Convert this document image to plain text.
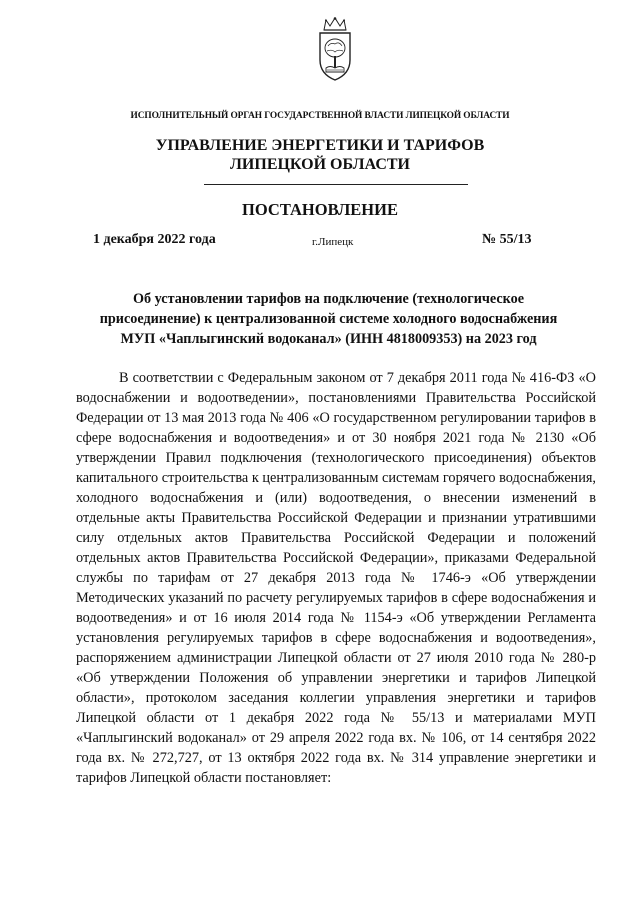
ИСПОЛНИТЕЛЬНЫЙ ОРГАН ГОСУДАРСТВЕННОЙ ВЛАСТИ ЛИПЕЦКОЙ ОБЛАСТИ
УПРАВЛЕНИЕ ЭНЕРГЕТИКИ И ТАРИФОВ
ЛИПЕЦКОЙ ОБЛАСТИ
ПОСТАНОВЛЕНИЕ
1 декабря 2022 года	г.Липецк	№ 55/13
Об установлении тарифов на подключение (технологическое
присоединение) к централизованной системе холодного водоснабжения
МУП «Чаплыгинский водоканал» (ИНН 4818009353) на 2023 год

В соответствии с Федеральным законом от 7 декабря 2011 года № 416-ФЗ «О водоснабжении и водоотведении», постановлениями Правительства Российской Федерации от 13 мая 2013 года № 406 «О государственном регулировании тарифов в сфере водоснабжения и водоотведения» и от 30 ноября 2021 года № 2130 «Об утверждении Правил подключения (технологического присоединения) объектов капитального строительства к централизованным системам горячего водоснабжения, холодного водоснабжения и (или) водоотведения, о внесении изменений в отдельные акты Правительства Российской Федерации и признании утратившими силу отдельных актов Правительства Российской Федерации и положений отдельных актов Правительства Российской Федерации», приказами Федеральной службы по тарифам от 27 декабря 2013 года № 1746-э «Об утверждении Методических указаний по расчету регулируемых тарифов в сфере водоснабжения и водоотведения» и от 16 июля 2014 года № 1154-э «Об утверждении Регламента установления регулируемых тарифов в сфере водоснабжения и водоотведения», распоряжением администрации Липецкой области от 27 июля 2010 года № 280-р «Об утверждении Положения об управлении энергетики и тарифов Липецкой области», протоколом заседания коллегии управления энергетики и тарифов Липецкой области от 1 декабря 2022 года № 55/13 и материалами МУП «Чаплыгинский водоканал» от 29 апреля 2022 года вх. № 106, от 14 сентября 2022 года вх. № 272,727, от 13 октября 2022 года вх. № 314 управление энергетики и тарифов Липецкой области постановляет:
